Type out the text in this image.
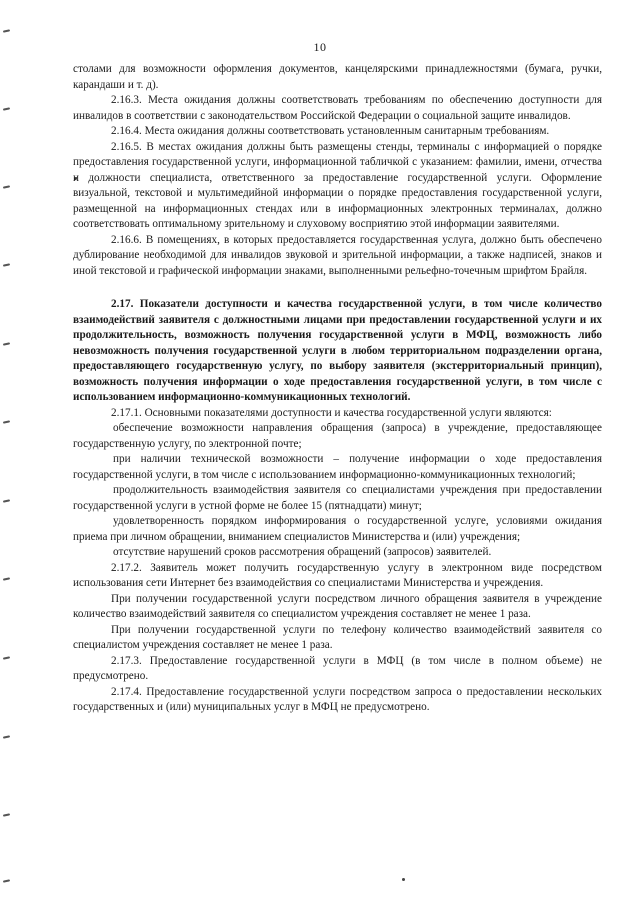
10

столами для возможности оформления документов, канцелярскими принадлежностями (бумага, ручки, карандаши и т. д).

2.16.3. Места ожидания должны соответствовать требованиям по обеспечению доступности для инвалидов в соответствии с законодательством Российской Федерации о социальной защите инвалидов.

2.16.4. Места ожидания должны соответствовать установленным санитарным требованиям.

2.16.5. В местах ожидания должны быть размещены стенды, терминалы с информацией о порядке предоставления государственной услуги, информационной табличкой с указанием: фамилии, имени, отчества и должности специалиста, ответственного за предоставление государственной услуги. Оформление визуальной, текстовой и мультимедийной информации о порядке предоставления государственной услуги, размещенной на информационных стендах или в информационных электронных терминалах, должно соответствовать оптимальному зрительному и слуховому восприятию этой информации заявителями.

2.16.6. В помещениях, в которых предоставляется государственная услуга, должно быть обеспечено дублирование необходимой для инвалидов звуковой и зрительной информации, а также надписей, знаков и иной текстовой и графической информации знаками, выполненными рельефно-точечным шрифтом Брайля.

2.17. Показатели доступности и качества государственной услуги, в том числе количество взаимодействий заявителя с должностными лицами при предоставлении государственной услуги и их продолжительность, возможность получения государственной услуги в МФЦ, возможность либо невозможность получения государственной услуги в любом территориальном подразделении органа, предоставляющего государственную услугу, по выбору заявителя (экстерриториальный принцип), возможность получения информации о ходе предоставления государственной услуги, в том числе с использованием информационно-коммуникационных технологий.

2.17.1. Основными показателями доступности и качества государственной услуги являются:

обеспечение возможности направления обращения (запроса) в учреждение, предоставляющее государственную услугу, по электронной почте;

при наличии технической возможности – получение информации о ходе предоставления государственной услуги, в том числе с использованием информационно-коммуникационных технологий;

продолжительность взаимодействия заявителя со специалистами учреждения при предоставлении государственной услуги в устной форме не более 15 (пятнадцати) минут;

удовлетворенность порядком информирования о государственной услуге, условиями ожидания приема при личном обращении, вниманием специалистов Министерства и (или) учреждения;

отсутствие нарушений сроков рассмотрения обращений (запросов) заявителей.

2.17.2. Заявитель может получить государственную услугу в электронном виде посредством использования сети Интернет без взаимодействия со специалистами Министерства и учреждения.

При получении государственной услуги посредством личного обращения заявителя в учреждение количество взаимодействий заявителя со специалистом учреждения составляет не менее 1 раза.

При получении государственной услуги по телефону количество взаимодействий заявителя со специалистом учреждения составляет не менее 1 раза.

2.17.3. Предоставление государственной услуги в МФЦ (в том числе в полном объеме) не предусмотрено.

2.17.4. Предоставление государственной услуги посредством запроса о предоставлении нескольких государственных и (или) муниципальных услуг в МФЦ не предусмотрено.
